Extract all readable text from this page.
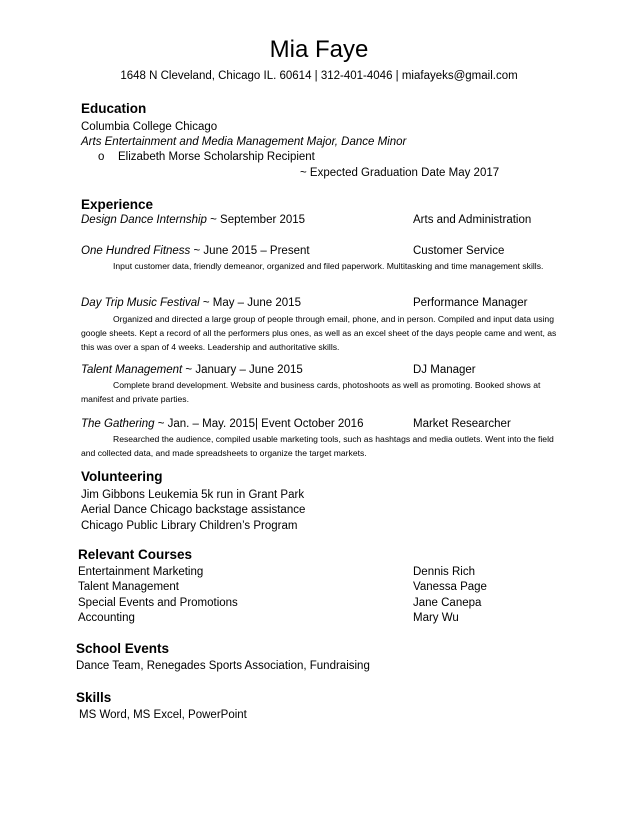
Mia Faye
1648 N Cleveland, Chicago IL. 60614 | 312-401-4046 | miafayeks@gmail.com
Education
Columbia College Chicago
Arts Entertainment and Media Management Major, Dance Minor
o Elizabeth Morse Scholarship Recipient
~ Expected Graduation Date May 2017
Experience
Design Dance Internship ~ September 2015	Arts and Administration
One Hundred Fitness ~ June 2015 – Present	Customer Service
Input customer data, friendly demeanor, organized and filed paperwork. Multitasking and time management skills.
Day Trip Music Festival ~ May – June 2015	Performance Manager
Organized and directed a large group of people through email, phone, and in person. Compiled and input data using google sheets. Kept a record of all the performers plus ones, as well as an excel sheet of the days people came and went, as this was over a span of 4 weeks. Leadership and authoritative skills.
Talent Management ~ January – June 2015	DJ Manager
Complete brand development. Website and business cards, photoshoots as well as promoting. Booked shows at manifest and private parties.
The Gathering ~ Jan. – May. 2015| Event October 2016	Market Researcher
Researched the audience, compiled usable marketing tools, such as hashtags and media outlets. Went into the field and collected data, and made spreadsheets to organize the target markets.
Volunteering
Jim Gibbons Leukemia 5k run in Grant Park
Aerial Dance Chicago backstage assistance
Chicago Public Library Children’s Program
Relevant Courses
Entertainment Marketing	Dennis Rich
Talent Management	Vanessa Page
Special Events and Promotions	Jane Canepa
Accounting	Mary Wu
School Events
Dance Team, Renegades Sports Association, Fundraising
Skills
MS Word, MS Excel, PowerPoint
